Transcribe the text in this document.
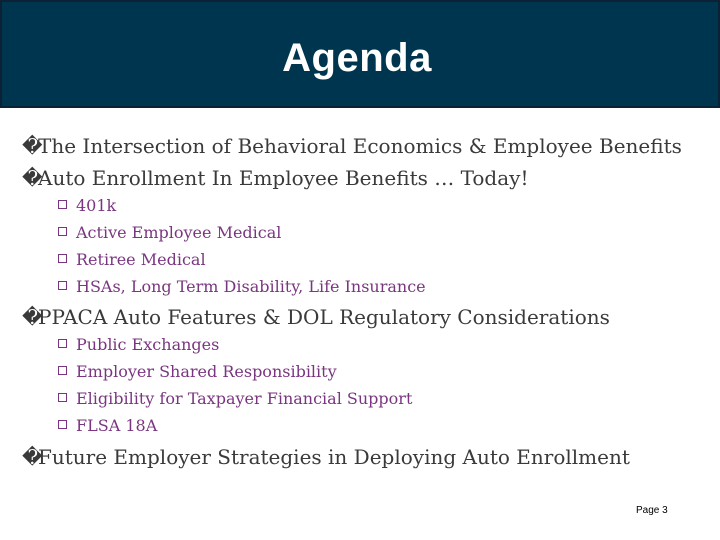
Agenda
�The Intersection of Behavioral Economics & Employee Benefits
�Auto Enrollment In Employee Benefits … Today!
401k
Active Employee Medical
Retiree Medical
HSAs, Long Term Disability, Life Insurance
�PPACA Auto Features & DOL Regulatory Considerations
Public Exchanges
Employer Shared Responsibility
Eligibility for Taxpayer Financial Support
FLSA 18A
�Future Employer Strategies in Deploying Auto Enrollment
Page 3
